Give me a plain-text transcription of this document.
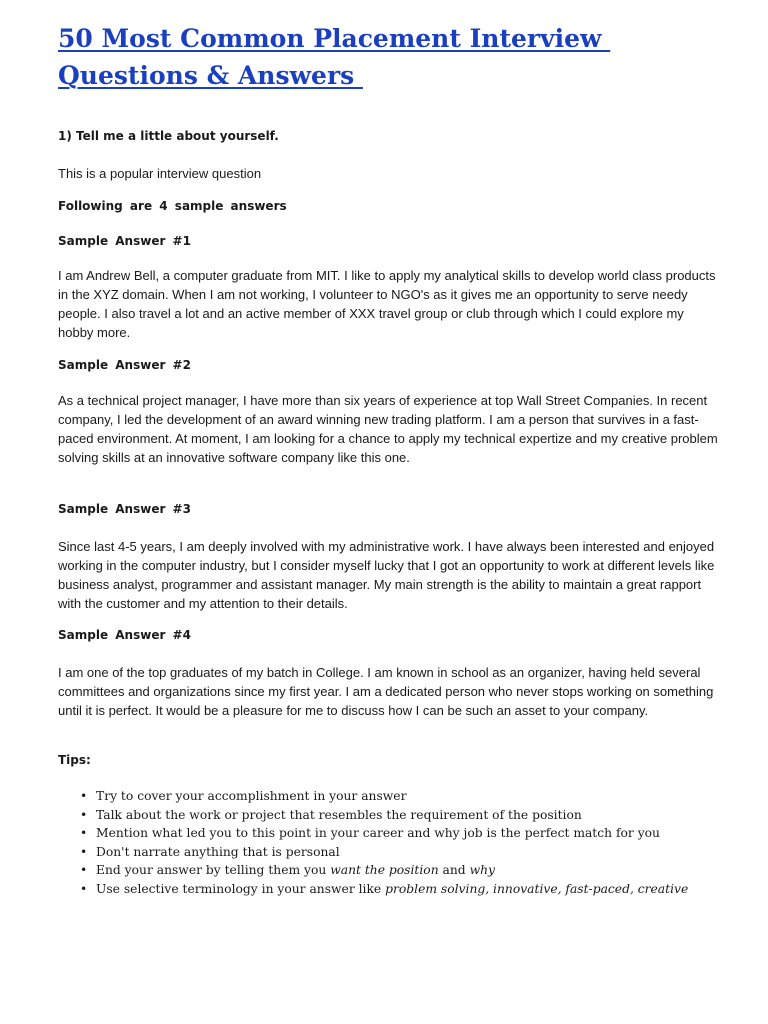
50 Most Common Placement Interview

Questions & Answers

1) Tell me a little about yourself.

This is a popular interview question

Following are 4 sample answers

Sample Answer #1

I am Andrew Bell, a computer graduate from MIT. I like to apply my analytical skills to develop world class products in the XYZ domain. When I am not working, I volunteer to NGO's as it gives me an opportunity to serve needy people. I also travel a lot and an active member of XXX travel group or club through which I could explore my hobby more.

Sample Answer #2

As a technical project manager, I have more than six years of experience at top Wall Street Companies. In recent company, I led the development of an award winning new trading platform. I am a person that survives in a fast-paced environment. At moment, I am looking for a chance to apply my technical expertize and my creative problem solving skills at an innovative software company like this one.

Sample Answer #3

Since last 4-5 years, I am deeply involved with my administrative work. I have always been interested and enjoyed working in the computer industry, but I consider myself lucky that I got an opportunity to work at different levels like business analyst, programmer and assistant manager. My main strength is the ability to maintain a great rapport with the customer and my attention to their details.

Sample Answer #4

I am one of the top graduates of my batch in College. I am known in school as an organizer, having held several committees and organizations since my first year. I am a dedicated person who never stops working on something until it is perfect. It would be a pleasure for me to discuss how I can be such an asset to your company.

Tips:

• Try to cover your accomplishment in your answer
• Talk about the work or project that resembles the requirement of the position
• Mention what led you to this point in your career and why job is the perfect match for you
• Don't narrate anything that is personal
• End your answer by telling them you want the position and why
• Use selective terminology in your answer like problem solving, innovative, fast-paced, creative
